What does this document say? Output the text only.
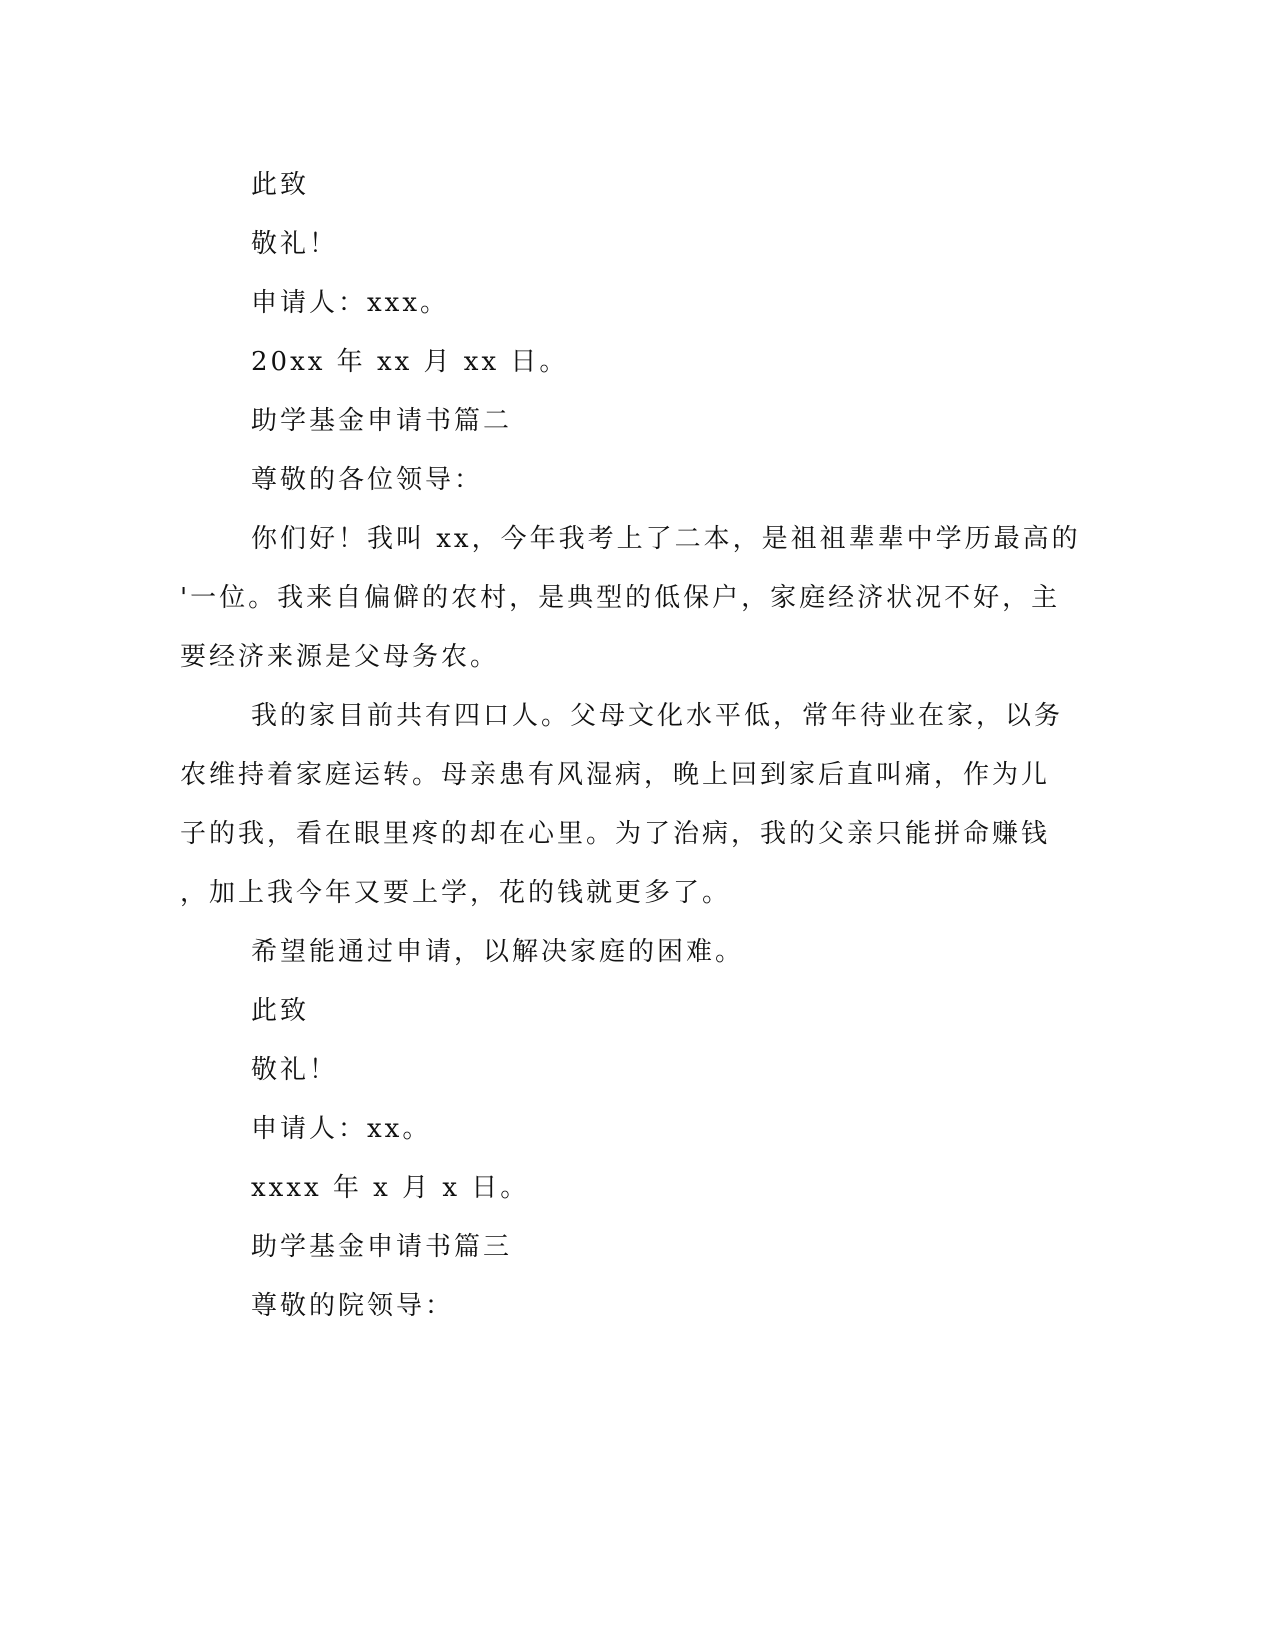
此致
敬礼！
申请人：xxx。
20xx 年 xx 月 xx 日。
助学基金申请书篇二
尊敬的各位领导：
你们好！我叫 xx，今年我考上了二本，是祖祖辈辈中学历最高的
'一位。我来自偏僻的农村，是典型的低保户，家庭经济状况不好，主
要经济来源是父母务农。
我的家目前共有四口人。父母文化水平低，常年待业在家，以务
农维持着家庭运转。母亲患有风湿病，晚上回到家后直叫痛，作为儿
子的我，看在眼里疼的却在心里。为了治病，我的父亲只能拼命赚钱
，加上我今年又要上学，花的钱就更多了。
希望能通过申请，以解决家庭的困难。
此致
敬礼！
申请人：xx。
xxxx 年 x 月 x 日。
助学基金申请书篇三
尊敬的院领导：
